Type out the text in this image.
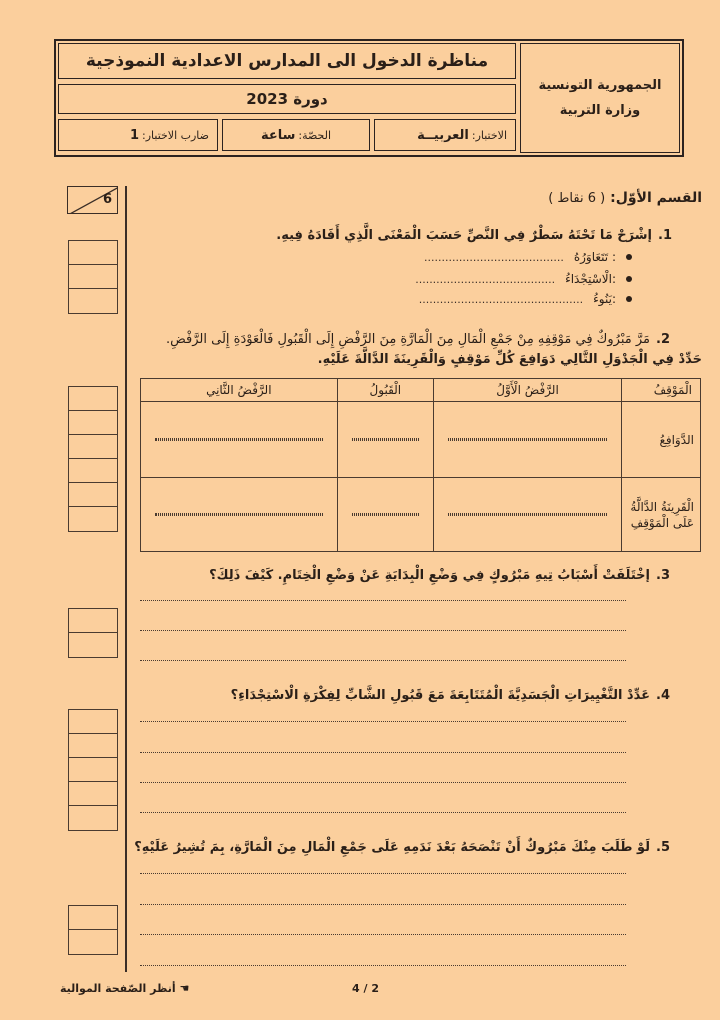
مناظرة الدخول الى المدارس الاعدادية النموذجية
دورة 2023
الاختبار:
العربيــة
الحصّة:
ساعة
ضارب الاختبار:
1
الجمهورية التونسية
وزارة التربية
6	القسم الأوّل: ( 6 نقاط )
1.إشْرَحْ مَا تَحْتَهُ سَطْرٌ فِي النَّصِّ حَسَبَ الْمَعْنَى الَّذِي أَفَادَهُ فِيهِ.
تَتَعَاوَرُهُ :
........................................
الْاسْتِجْدَاءُ:
........................................
يَنُوءُ:
...............................................
2.مَرَّ مَبْرُوكٌ فِي مَوْقِفِهِ مِنْ جَمْعِ الْمَالِ مِنَ الْمَارَّةِ مِنَ الرَّفْضِ إِلَى الْقَبُولِ فَالْعَوْدَةِ إِلَى الرَّفْضِ.
حَدِّدْ فِي الْجَدْوَلِ التَّالِي دَوَافِعَ كُلِّ مَوْقِفٍ وَالْقَرِينَةَ الدَّالَّةَ عَلَيْهِ.
الْمَوْقِفُ	الرَّفْضُ الْأَوَّلُ	الْقَبُولُ	الرَّفْضُ الثَّانِي
الدَّوَافِعُ	

الْقَرِينَةُ الدَّالَّةُ عَلَى الْمَوْقِفِ	

3.إخْتَلَفَتْ أَسْبَابُ تِيهِ مَبْرُوكٍ فِي وَضْعِ الْبِدَايَةِ عَنْ وَضْعِ الْخِتَامِ. كَيْفَ ذَلِكَ؟
4.عَدِّدْ التَّغْيِيرَاتِ الْجَسَدِيَّةَ الْمُتَتَابِعَةَ مَعَ قَبُولِ الشَّابِّ لِفِكْرَةِ الْاسْتِجْدَاءِ؟
5.لَوْ طَلَبَ مِنْكَ مَبْرُوكٌ أَنْ تَنْصَحَهُ بَعْدَ نَدَمِهِ عَلَى جَمْعِ الْمَالِ مِنَ الْمَارَّةِ، بِمَ تُشِيرُ عَلَيْهِ؟
☚ أنظر الصّفحة الموالية	4 / 2
